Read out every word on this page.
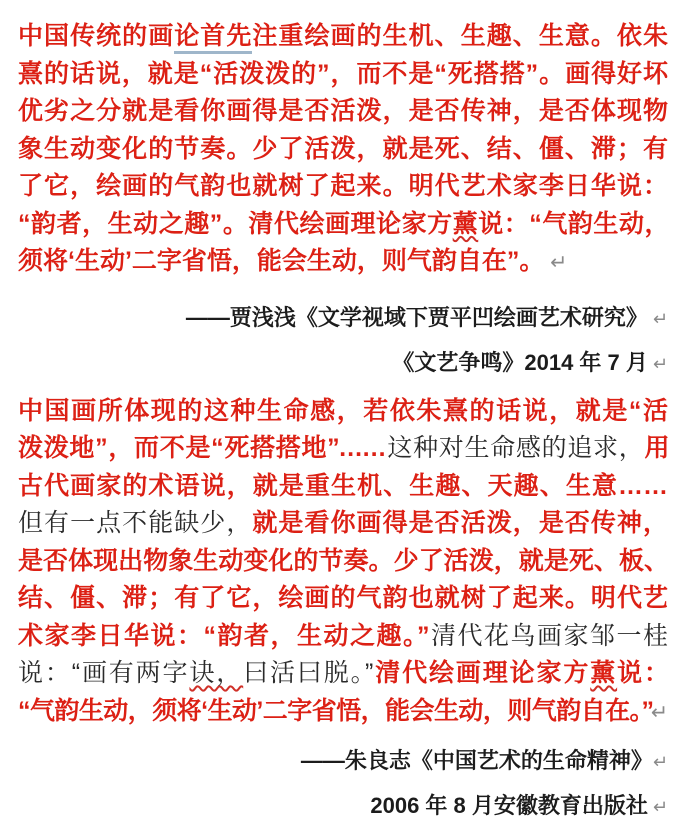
中国传统的画论首先注重绘画的生机、生趣、生意。依朱
熹的话说，就是“活泼泼的”，而不是“死搭搭”。画得好坏
优劣之分就是看你画得是否活泼，是否传神，是否体现物
象生动变化的节奏。少了活泼，就是死、结、僵、滞；有
了它，绘画的气韵也就树了起来。明代艺术家李日华说：
“韵者，生动之趣”。清代绘画理论家方薰说：“气韵生动，
须将‘生动’二字省悟，能会生动，则气韵自在”。 ↵
——贾浅浅《文学视域下贾平凹绘画艺术研究》 ↵
《文艺争鸣》2014 年 7 月 ↵
中国画所体现的这种生命感，若依朱熹的话说，就是“活
泼泼地”，而不是“死搭搭地”……这种对生命感的追求，用
古代画家的术语说，就是重生机、生趣、天趣、生意……
但有一点不能缺少，就是看你画得是否活泼，是否传神，
是否体现出物象生动变化的节奏。少了活泼，就是死、板、
结、僵、滞；有了它，绘画的气韵也就树了起来。明代艺
术家李日华说：“韵者，生动之趣。”清代花鸟画家邹一桂
说：“画有两字诀，曰活曰脱。”清代绘画理论家方薰说：
“气韵生动，须将‘生动’二字省悟，能会生动，则气韵自在。”↵
——朱良志《中国艺术的生命精神》↵
2006 年 8 月安徽教育出版社 ↵
